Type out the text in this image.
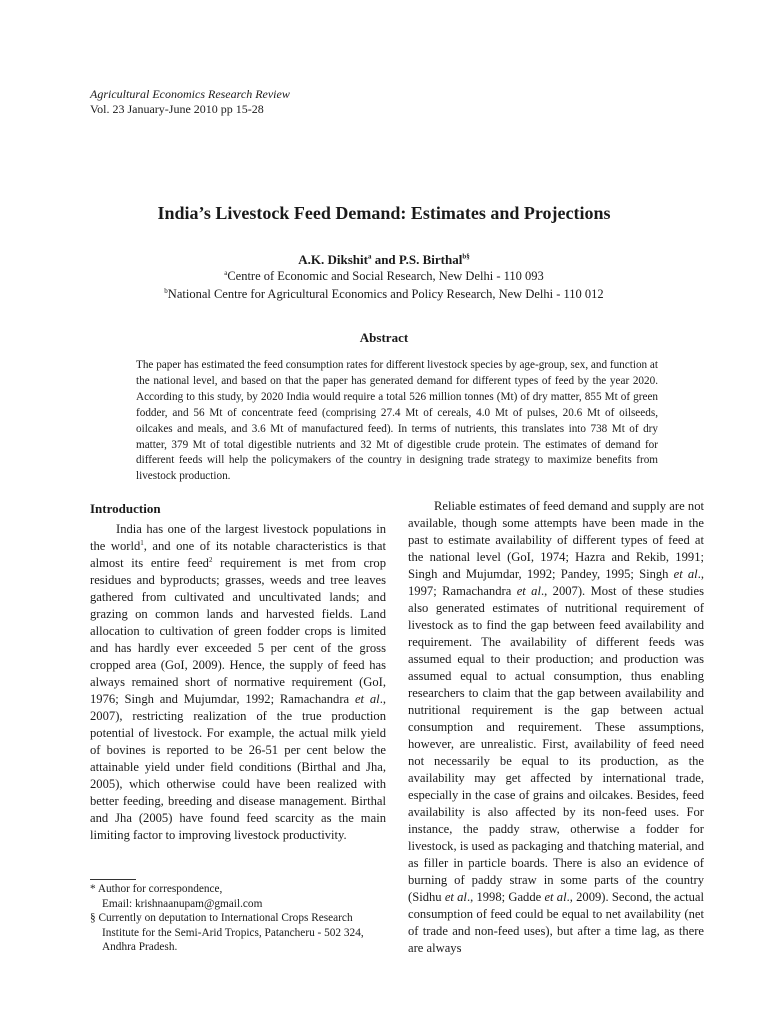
Agricultural Economics Research Review
Vol. 23 January-June 2010 pp 15-28
India’s Livestock Feed Demand: Estimates and Projections
A.K. Dikshit$^a$ and P.S. Birthal$^{b\S}$
$^a$Centre of Economic and Social Research, New Delhi - 110 093
$^b$National Centre for Agricultural Economics and Policy Research, New Delhi - 110 012
Abstract
The paper has estimated the feed consumption rates for different livestock species by age-group, sex, and function at the national level, and based on that the paper has generated demand for different types of feed by the year 2020. According to this study, by 2020 India would require a total 526 million tonnes (Mt) of dry matter, 855 Mt of green fodder, and 56 Mt of concentrate feed (comprising 27.4 Mt of cereals, 4.0 Mt of pulses, 20.6 Mt of oilseeds, oilcakes and meals, and 3.6 Mt of manufactured feed). In terms of nutrients, this translates into 738 Mt of dry matter, 379 Mt of total digestible nutrients and 32 Mt of digestible crude protein. The estimates of demand for different feeds will help the policymakers of the country in designing trade strategy to maximize benefits from livestock production.
Introduction

India has one of the largest livestock populations in the world$^1$, and one of its notable characteristics is that almost its entire feed$^2$ requirement is met from crop residues and byproducts; grasses, weeds and tree leaves gathered from cultivated and uncultivated lands; and grazing on common lands and harvested fields. Land allocation to cultivation of green fodder crops is limited and has hardly ever exceeded 5 per cent of the gross cropped area (GoI, 2009). Hence, the supply of feed has always remained short of normative requirement (GoI, 1976; Singh and Mujumdar, 1992; Ramachandra et al., 2007), restricting realization of the true production potential of livestock. For example, the actual milk yield of bovines is reported to be 26-51 per cent below the attainable yield under field conditions (Birthal and Jha, 2005), which otherwise could have been realized with better feeding, breeding and disease management. Birthal and Jha (2005) have found feed scarcity as the main limiting factor to improving livestock productivity.

Reliable estimates of feed demand and supply are not available, though some attempts have been made in the past to estimate availability of different types of feed at the national level (GoI, 1974; Hazra and Rekib, 1991; Singh and Mujumdar, 1992; Pandey, 1995; Singh et al., 1997; Ramachandra et al., 2007). Most of these studies also generated estimates of nutritional requirement of livestock as to find the gap between feed availability and requirement. The availability of different feeds was assumed equal to their production; and production was assumed equal to actual consumption, thus enabling researchers to claim that the gap between availability and nutritional requirement is the gap between actual consumption and requirement. These assumptions, however, are unrealistic. First, availability of feed need not necessarily be equal to its production, as the availability may get affected by international trade, especially in the case of grains and oilcakes. Besides, feed availability is also affected by its non-feed uses. For instance, the paddy straw, otherwise a fodder for livestock, is used as packaging and thatching material, and as filler in particle boards. There is also an evidence of burning of paddy straw in some parts of the country (Sidhu et al., 1998; Gadde et al., 2009). Second, the actual consumption of feed could be equal to net availability (net of trade and non-feed uses), but after a time lag, as there are always

* Author for correspondence,

Email: krishnaanupam@gmail.com

§ Currently on deputation to International Crops Research Institute for the Semi-Arid Tropics, Patancheru - 502 324, Andhra Pradesh.
